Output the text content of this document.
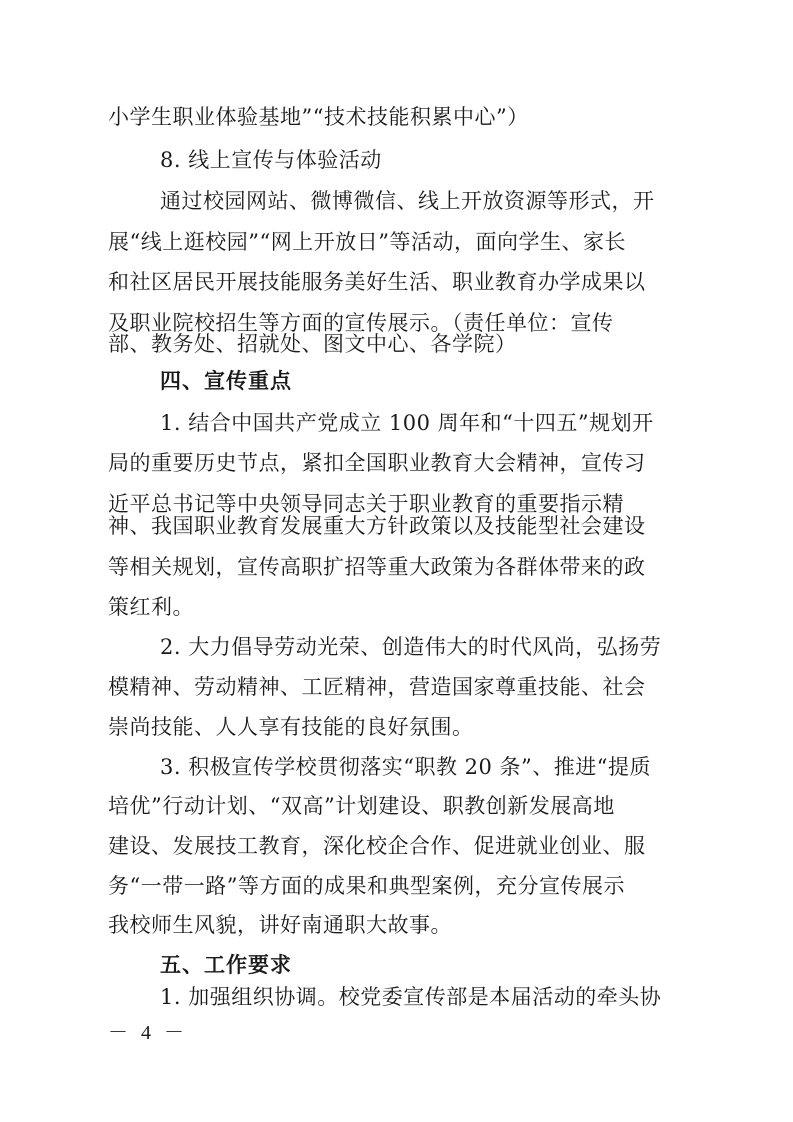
小学生职业体验基地”“技术技能积累中心”）
8. 线上宣传与体验活动
通过校园网站、微博微信、线上开放资源等形式，开
展“线上逛校园”“网上开放日”等活动，面向学生、家长
和社区居民开展技能服务美好生活、职业教育办学成果以
及职业院校招生等方面的宣传展示。（责任单位：宣传
部、教务处、招就处、图文中心、各学院）
四、宣传重点
1. 结合中国共产党成立 100 周年和“十四五”规划开
局的重要历史节点，紧扣全国职业教育大会精神，宣传习
近平总书记等中央领导同志关于职业教育的重要指示精
神、我国职业教育发展重大方针政策以及技能型社会建设
等相关规划，宣传高职扩招等重大政策为各群体带来的政
策红利。
2. 大力倡导劳动光荣、创造伟大的时代风尚，弘扬劳
模精神、劳动精神、工匠精神，营造国家尊重技能、社会
崇尚技能、人人享有技能的良好氛围。
3. 积极宣传学校贯彻落实“职教 20 条”、推进“提质
培优”行动计划、“双高”计划建设、职教创新发展高地
建设、发展技工教育，深化校企合作、促进就业创业、服
务“一带一路”等方面的成果和典型案例，充分宣传展示
我校师生风貌，讲好南通职大故事。
五、工作要求
1. 加强组织协调。校党委宣传部是本届活动的牵头协
－ 4 －
